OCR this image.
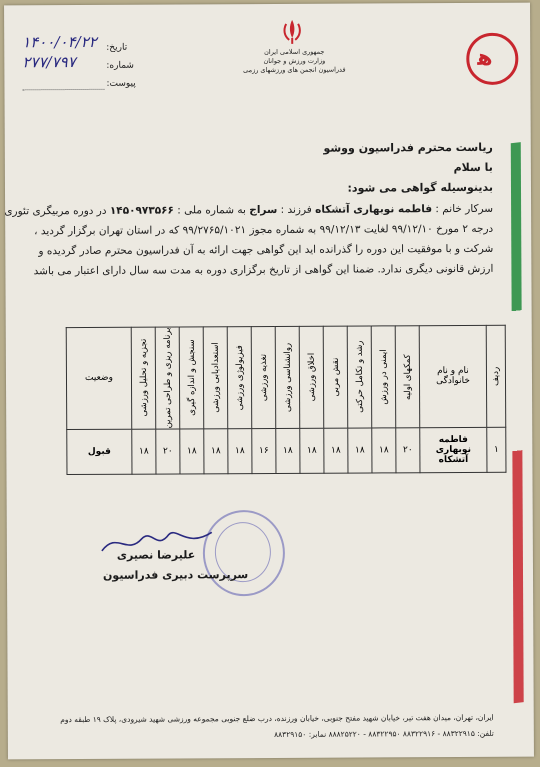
تاریخ:
۱۴۰۰/۰۴/۲۲
شماره:
۲۷۷/۷۹۷
پیوست:
جمهوری اسلامی ایران
وزارت ورزش و جوانان
فدراسیون انجمن های ورزشهای رزمی	ﻫ
ریاست محترم فدراسیون ووشو
با سلام
بدینوسیله گواهی می شود:
سرکار خانم : فاطمه نوبهاری آتشکاه فرزند : سراج به شماره ملی : ۱۴۵۰۹۷۳۵۶۶ در دوره مربیگری تئوری
درجه ۲ مورخ ۹۹/۱۲/۱۰ لغایت ۹۹/۱۲/۱۳ به شماره مجوز ۹۹/۲۷۶۵/۱۰۲۱ که در استان تهران برگزار گردید ،
شرکت و با موفقیت این دوره را گذرانده اید این گواهی جهت ارائه به آن فدراسیون محترم صادر گردیده و
ارزش قانونی دیگری ندارد. ضمنا این گواهی از تاریخ برگزاری دوره به مدت سه سال دارای اعتبار می باشد
ردیف	نام و نام خانوادگی	کمکهای اولیه	ایمنی در ورزش	رشد و تکامل حرکتی	نقش مربی	اخلاق ورزشی	روانشناسی ورزشی	تغذیه ورزشی	فیزیولوژی ورزشی	استعدادیابی ورزشی	سنجش و اندازه گیری	برنامه ریزی و طراحی تمرین	تجزیه و تحلیل ورزشی	وضعیت
۱	فاطمه نوبهاری آتشکاه	۲۰	۱۸	۱۸	۱۸	۱۸	۱۸	۱۶	۱۸	۱۸	۱۸	۲۰	۱۸	قبول
علیرضا نصیری
سرپرست دبیری فدراسیون
ایران، تهران، میدان هفت تیر، خیابان شهید مفتح جنوبی، خیابان ورزنده، درب ضلع جنوبی مجموعه ورزشی شهید شیرودی، پلاک ۱۹ طبقه دوم
تلفن: ۸۸۳۲۲۹۱۵ - ۸۸۳۲۲۹۱۶ ۸۸۳۲۲۹۵۰ - ۸۸۸۲۵۲۲۰ نمابر: ۸۸۳۲۹۱۵۰
